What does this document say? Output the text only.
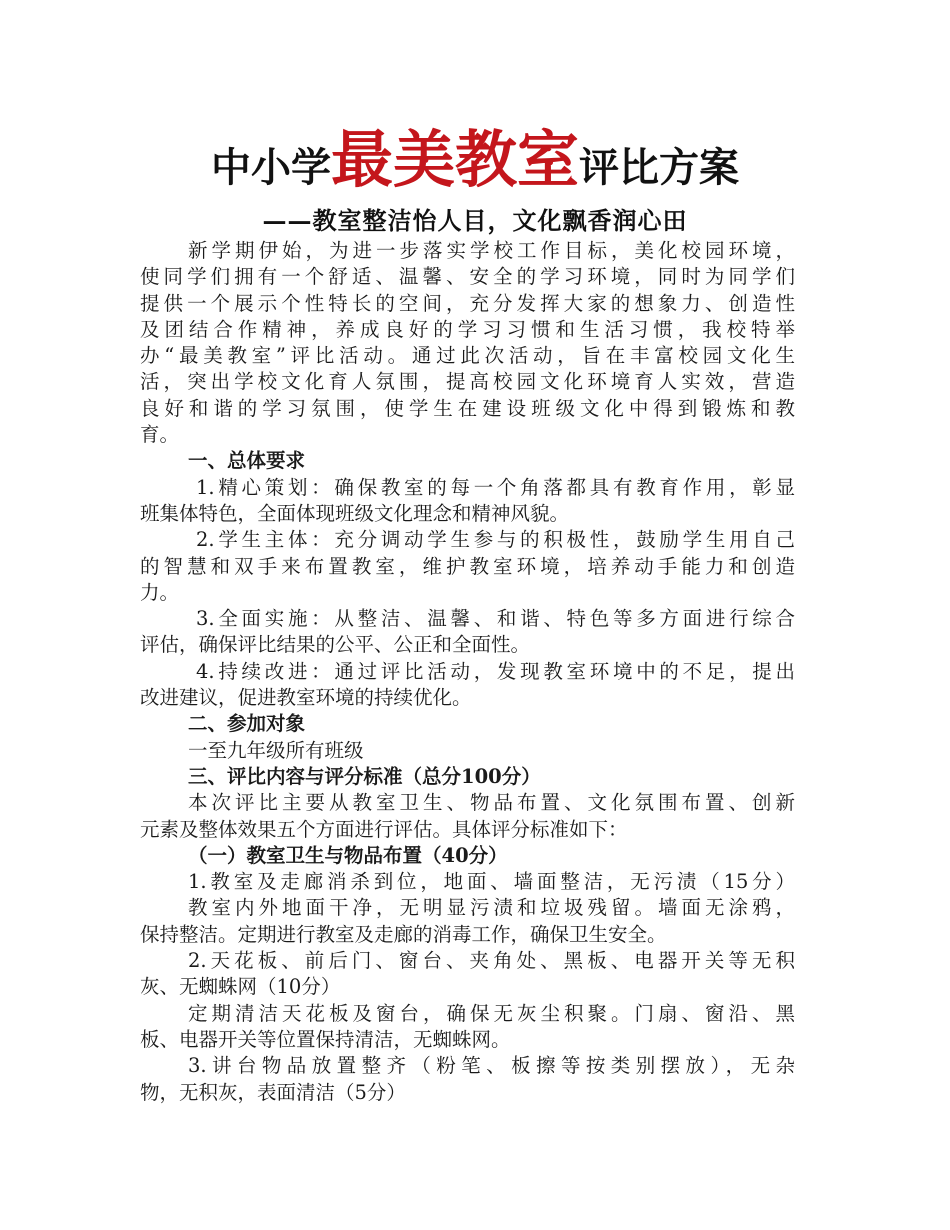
中小学最美教室评比方案
——教室整洁怡人目，文化飘香润心田
新学期伊始，为进一步落实学校工作目标，美化校园环境，
使同学们拥有一个舒适、温馨、安全的学习环境，同时为同学们
提供一个展示个性特长的空间，充分发挥大家的想象力、创造性
及团结合作精神，养成良好的学习习惯和生活习惯，我校特举
办“最美教室”评比活动。通过此次活动，旨在丰富校园文化生
活，突出学校文化育人氛围，提高校园文化环境育人实效，营造
良好和谐的学习氛围，使学生在建设班级文化中得到锻炼和教
育。
一、总体要求
1.精心策划：确保教室的每一个角落都具有教育作用，彰显
班集体特色，全面体现班级文化理念和精神风貌。
2.学生主体：充分调动学生参与的积极性，鼓励学生用自己
的智慧和双手来布置教室，维护教室环境，培养动手能力和创造
力。
3.全面实施：从整洁、温馨、和谐、特色等多方面进行综合
评估，确保评比结果的公平、公正和全面性。
4.持续改进：通过评比活动，发现教室环境中的不足，提出
改进建议，促进教室环境的持续优化。
二、参加对象
一至九年级所有班级
三、评比内容与评分标准（总分100分）
本次评比主要从教室卫生、物品布置、文化氛围布置、创新
元素及整体效果五个方面进行评估。具体评分标准如下：
（一）教室卫生与物品布置（40分）
1.教室及走廊消杀到位，地面、墙面整洁，无污渍（15分）
教室内外地面干净，无明显污渍和垃圾残留。墙面无涂鸦，
保持整洁。定期进行教室及走廊的消毒工作，确保卫生安全。
2.天花板、前后门、窗台、夹角处、黑板、电器开关等无积
灰、无蜘蛛网（10分）
定期清洁天花板及窗台，确保无灰尘积聚。门扇、窗沿、黑
板、电器开关等位置保持清洁，无蜘蛛网。
3.讲台物品放置整齐（粉笔、板擦等按类别摆放），无杂
物，无积灰，表面清洁（5分）
